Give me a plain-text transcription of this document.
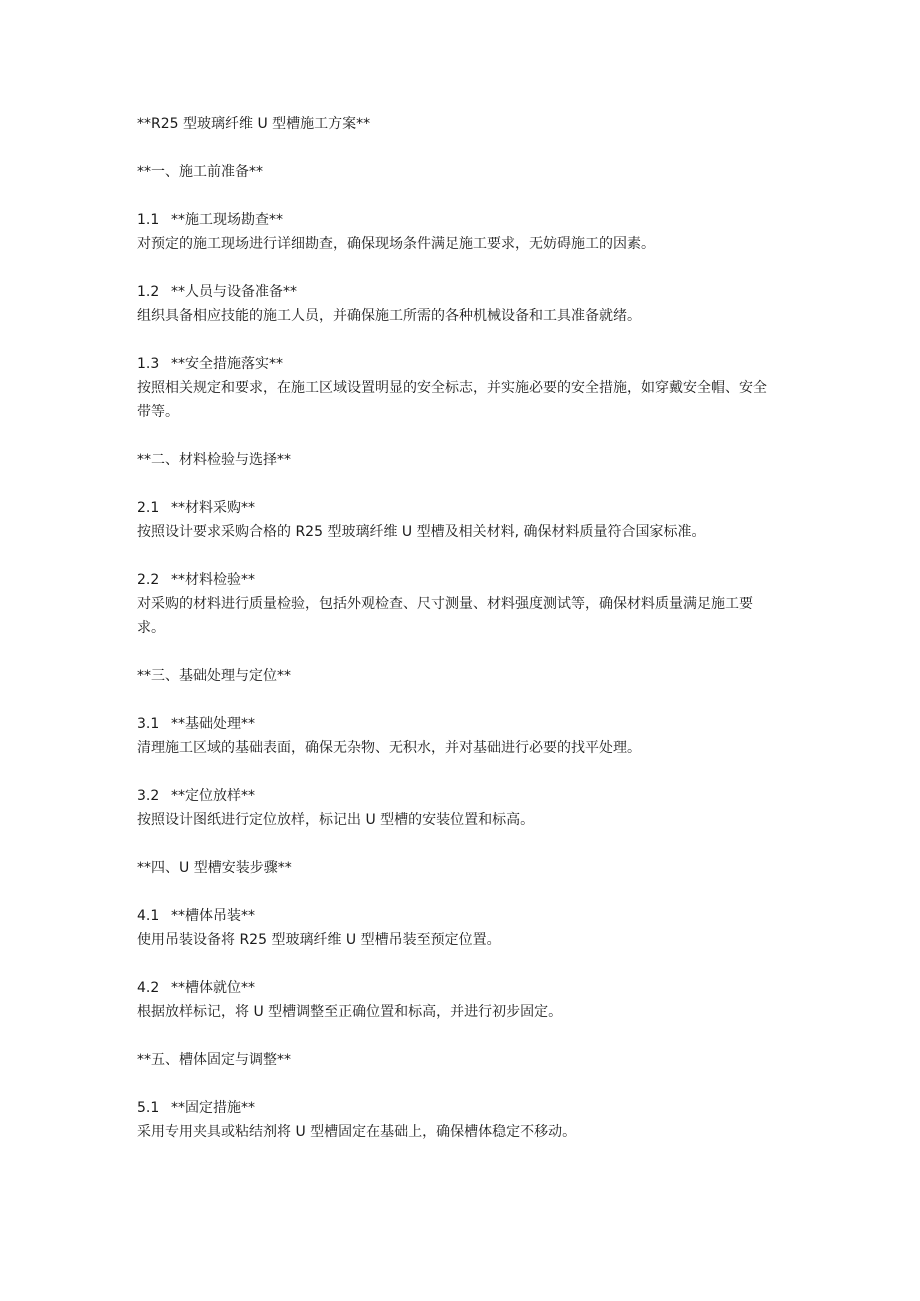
**R25 型玻璃纤维 U 型槽施工方案**

**一、施工前准备**

1.1 **施工现场勘查**

对预定的施工现场进行详细勘查，确保现场条件满足施工要求，无妨碍施工的因素。

1.2 **人员与设备准备**

组织具备相应技能的施工人员，并确保施工所需的各种机械设备和工具准备就绪。

1.3 **安全措施落实**

按照相关规定和要求，在施工区域设置明显的安全标志，并实施必要的安全措施，如穿戴安全帽、安全带等。

**二、材料检验与选择**

2.1 **材料采购**

按照设计要求采购合格的 R25 型玻璃纤维 U 型槽及相关材料, 确保材料质量符合国家标准。

2.2 **材料检验**

对采购的材料进行质量检验，包括外观检查、尺寸测量、材料强度测试等，确保材料质量满足施工要求。

**三、基础处理与定位**

3.1 **基础处理**

清理施工区域的基础表面，确保无杂物、无积水，并对基础进行必要的找平处理。

3.2 **定位放样**

按照设计图纸进行定位放样，标记出 U 型槽的安装位置和标高。

**四、U 型槽安装步骤**

4.1 **槽体吊装**

使用吊装设备将 R25 型玻璃纤维 U 型槽吊装至预定位置。

4.2 **槽体就位**

根据放样标记，将 U 型槽调整至正确位置和标高，并进行初步固定。

**五、槽体固定与调整**

5.1 **固定措施**

采用专用夹具或粘结剂将 U 型槽固定在基础上，确保槽体稳定不移动。
